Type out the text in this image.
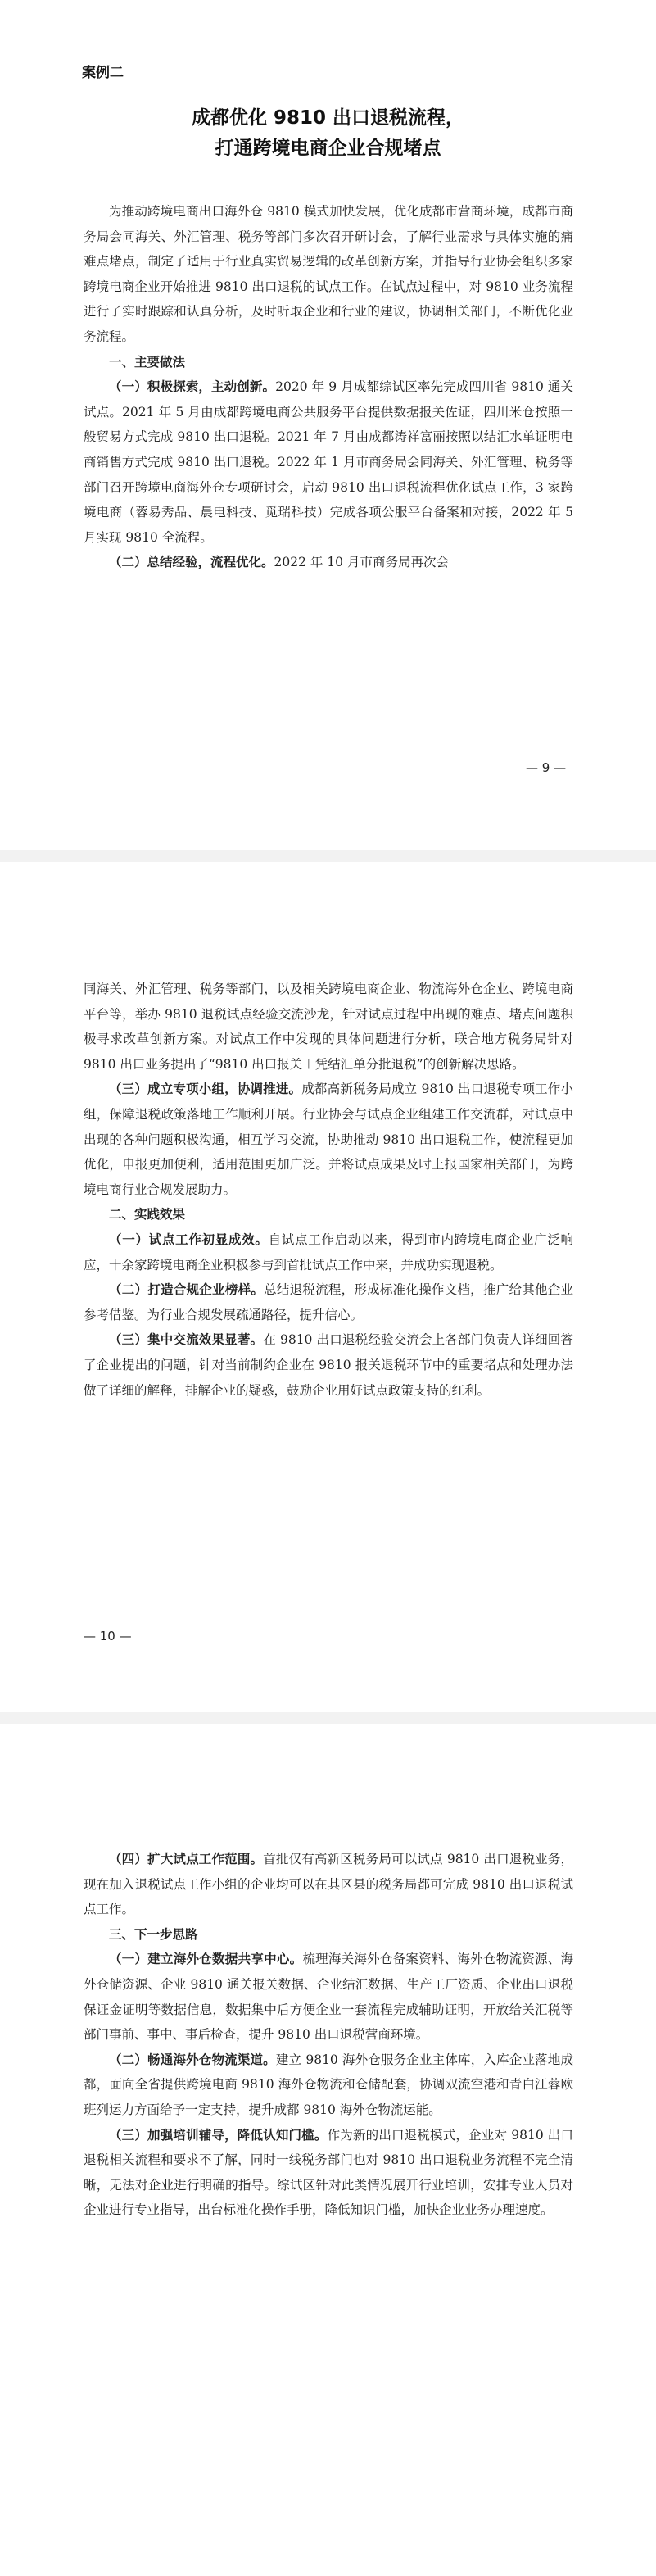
案例二
成都优化 9810 出口退税流程，
打通跨境电商企业合规堵点

为推动跨境电商出口海外仓 9810 模式加快发展，优化成都市营商环境，成都市商务局会同海关、外汇管理、税务等部门多次召开研讨会，了解行业需求与具体实施的痛难点堵点，制定了适用于行业真实贸易逻辑的改革创新方案，并指导行业协会组织多家跨境电商企业开始推进 9810 出口退税的试点工作。在试点过程中，对 9810 业务流程进行了实时跟踪和认真分析，及时听取企业和行业的建议，协调相关部门，不断优化业务流程。

一、主要做法

（一）积极探索，主动创新。2020 年 9 月成都综试区率先完成四川省 9810 通关试点。2021 年 5 月由成都跨境电商公共服务平台提供数据报关佐证，四川米仓按照一般贸易方式完成 9810 出口退税。2021 年 7 月由成都涛祥富丽按照以结汇水单证明电商销售方式完成 9810 出口退税。2022 年 1 月市商务局会同海关、外汇管理、税务等部门召开跨境电商海外仓专项研讨会，启动 9810 出口退税流程优化试点工作，3 家跨境电商（蓉易秀品、晨电科技、觅瑞科技）完成各项公服平台备案和对接，2022 年 5 月实现 9810 全流程。

（二）总结经验，流程优化。2022 年 10 月市商务局再次会

— 9 —

同海关、外汇管理、税务等部门，以及相关跨境电商企业、物流海外仓企业、跨境电商平台等，举办 9810 退税试点经验交流沙龙，针对试点过程中出现的难点、堵点问题积极寻求改革创新方案。对试点工作中发现的具体问题进行分析，联合地方税务局针对 9810 出口业务提出了“9810 出口报关＋凭结汇单分批退税”的创新解决思路。

（三）成立专项小组，协调推进。成都高新税务局成立 9810 出口退税专项工作小组，保障退税政策落地工作顺利开展。行业协会与试点企业组建工作交流群，对试点中出现的各种问题积极沟通，相互学习交流，协助推动 9810 出口退税工作，使流程更加优化，申报更加便利，适用范围更加广泛。并将试点成果及时上报国家相关部门，为跨境电商行业合规发展助力。

二、实践效果

（一）试点工作初显成效。自试点工作启动以来，得到市内跨境电商企业广泛响应，十余家跨境电商企业积极参与到首批试点工作中来，并成功实现退税。

（二）打造合规企业榜样。总结退税流程，形成标准化操作文档，推广给其他企业参考借鉴。为行业合规发展疏通路径，提升信心。

（三）集中交流效果显著。在 9810 出口退税经验交流会上各部门负责人详细回答了企业提出的问题，针对当前制约企业在 9810 报关退税环节中的重要堵点和处理办法做了详细的解释，排解企业的疑惑，鼓励企业用好试点政策支持的红利。

— 10 —

（四）扩大试点工作范围。首批仅有高新区税务局可以试点 9810 出口退税业务，现在加入退税试点工作小组的企业均可以在其区县的税务局都可完成 9810 出口退税试点工作。

三、下一步思路

（一）建立海外仓数据共享中心。梳理海关海外仓备案资料、海外仓物流资源、海外仓储资源、企业 9810 通关报关数据、企业结汇数据、生产工厂资质、企业出口退税保证金证明等数据信息，数据集中后方便企业一套流程完成辅助证明，开放给关汇税等部门事前、事中、事后检查，提升 9810 出口退税营商环境。

（二）畅通海外仓物流渠道。建立 9810 海外仓服务企业主体库，入库企业落地成都，面向全省提供跨境电商 9810 海外仓物流和仓储配套，协调双流空港和青白江蓉欧班列运力方面给予一定支持，提升成都 9810 海外仓物流运能。

（三）加强培训辅导，降低认知门槛。作为新的出口退税模式，企业对 9810 出口退税相关流程和要求不了解，同时一线税务部门也对 9810 出口退税业务流程不完全清晰，无法对企业进行明确的指导。综试区针对此类情况展开行业培训，安排专业人员对企业进行专业指导，出台标准化操作手册，降低知识门槛，加快企业业务办理速度。
